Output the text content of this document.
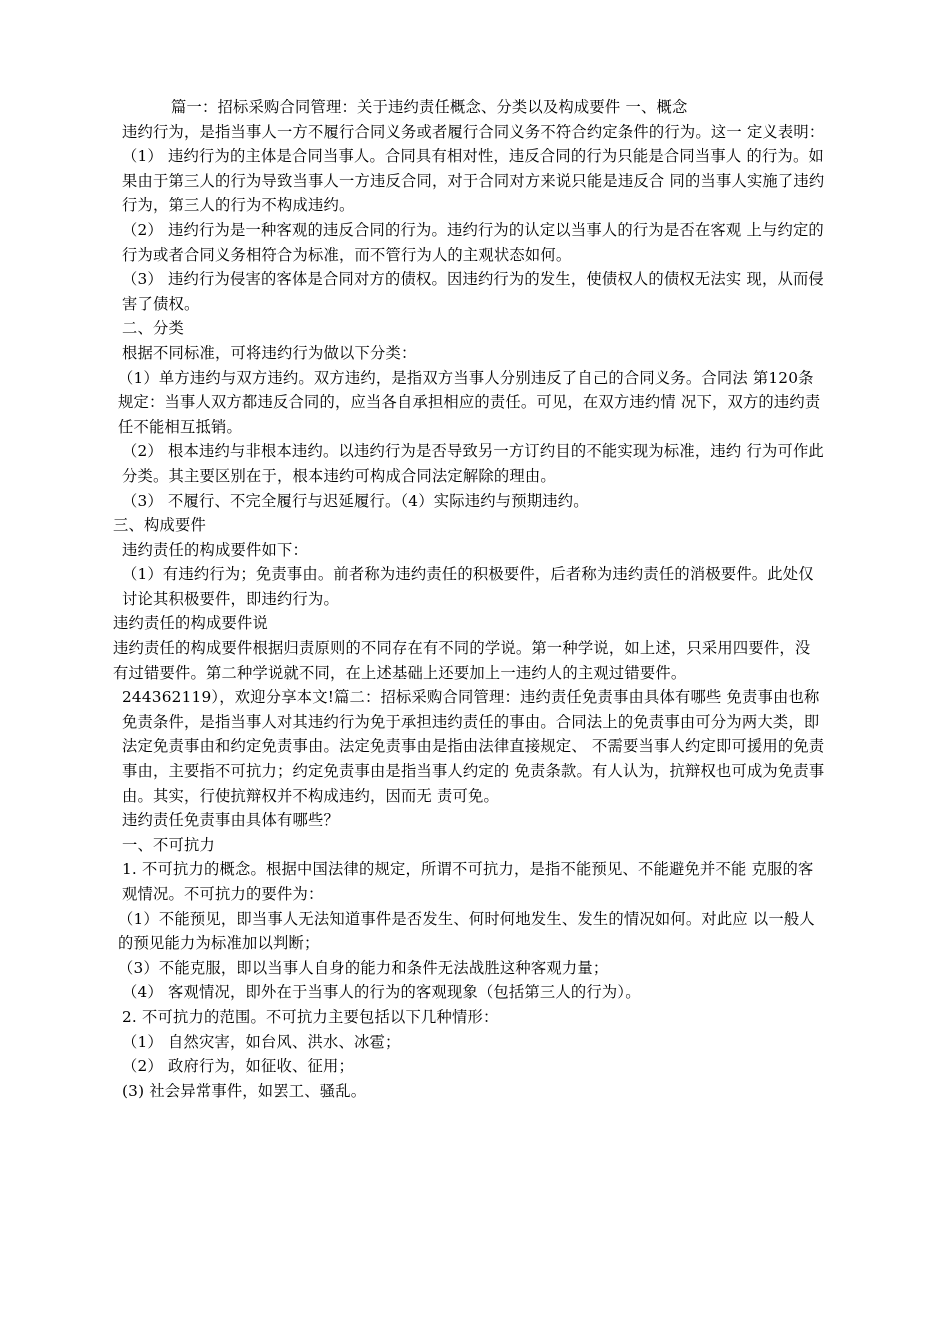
篇一：招标采购合同管理：关于违约责任概念、分类以及构成要件 一、概念

违约行为，是指当事人一方不履行合同义务或者履行合同义务不符合约定条件的行为。这一 定义表明：

（1） 违约行为的主体是合同当事人。合同具有相对性，违反合同的行为只能是合同当事人 的行为。如果由于第三人的行为导致当事人一方违反合同，对于合同对方来说只能是违反合 同的当事人实施了违约行为，第三人的行为不构成违约。

（2） 违约行为是一种客观的违反合同的行为。违约行为的认定以当事人的行为是否在客观 上与约定的行为或者合同义务相符合为标准，而不管行为人的主观状态如何。

（3） 违约行为侵害的客体是合同对方的债权。因违约行为的发生，使债权人的债权无法实 现，从而侵害了债权。

二、分类

根据不同标准，可将违约行为做以下分类：

（1）单方违约与双方违约。双方违约，是指双方当事人分别违反了自己的合同义务。合同法 第120条规定：当事人双方都违反合同的，应当各自承担相应的责任。可见，在双方违约情 况下，双方的违约责任不能相互抵销。

（2） 根本违约与非根本违约。以违约行为是否导致另一方订约目的不能实现为标准，违约 行为可作此分类。其主要区别在于，根本违约可构成合同法定解除的理由。

（3） 不履行、不完全履行与迟延履行。（4）实际违约与预期违约。

三、构成要件

违约责任的构成要件如下：

（1）有违约行为；免责事由。前者称为违约责任的积极要件，后者称为违约责任的消极要件。此处仅讨论其积极要件，即违约行为。

违约责任的构成要件说

违约责任的构成要件根据归责原则的不同存在有不同的学说。第一种学说，如上述，只采用四要件，没有过错要件。第二种学说就不同，在上述基础上还要加上一违约人的主观过错要件。

244362119），欢迎分享本文!篇二：招标采购合同管理：违约责任免责事由具体有哪些 免责事由也称免责条件，是指当事人对其违约行为免于承担违约责任的事由。合同法上的免责事由可分为两大类，即法定免责事由和约定免责事由。法定免责事由是指由法律直接规定、 不需要当事人约定即可援用的免责事由，主要指不可抗力；约定免责事由是指当事人约定的 免责条款。有人认为，抗辩权也可成为免责事由。其实，行使抗辩权并不构成违约，因而无 责可免。

违约责任免责事由具体有哪些？

一、不可抗力

1. 不可抗力的概念。根据中国法律的规定，所谓不可抗力，是指不能预见、不能避免并不能 克服的客观情况。不可抗力的要件为：

（1）不能预见，即当事人无法知道事件是否发生、何时何地发生、发生的情况如何。对此应 以一般人的预见能力为标准加以判断；

（3）不能克服，即以当事人自身的能力和条件无法战胜这种客观力量；

（4） 客观情况，即外在于当事人的行为的客观现象（包括第三人的行为）。

2. 不可抗力的范围。不可抗力主要包括以下几种情形：

（1） 自然灾害，如台风、洪水、冰雹；

（2） 政府行为，如征收、征用；

(3) 社会异常事件，如罢工、骚乱。
